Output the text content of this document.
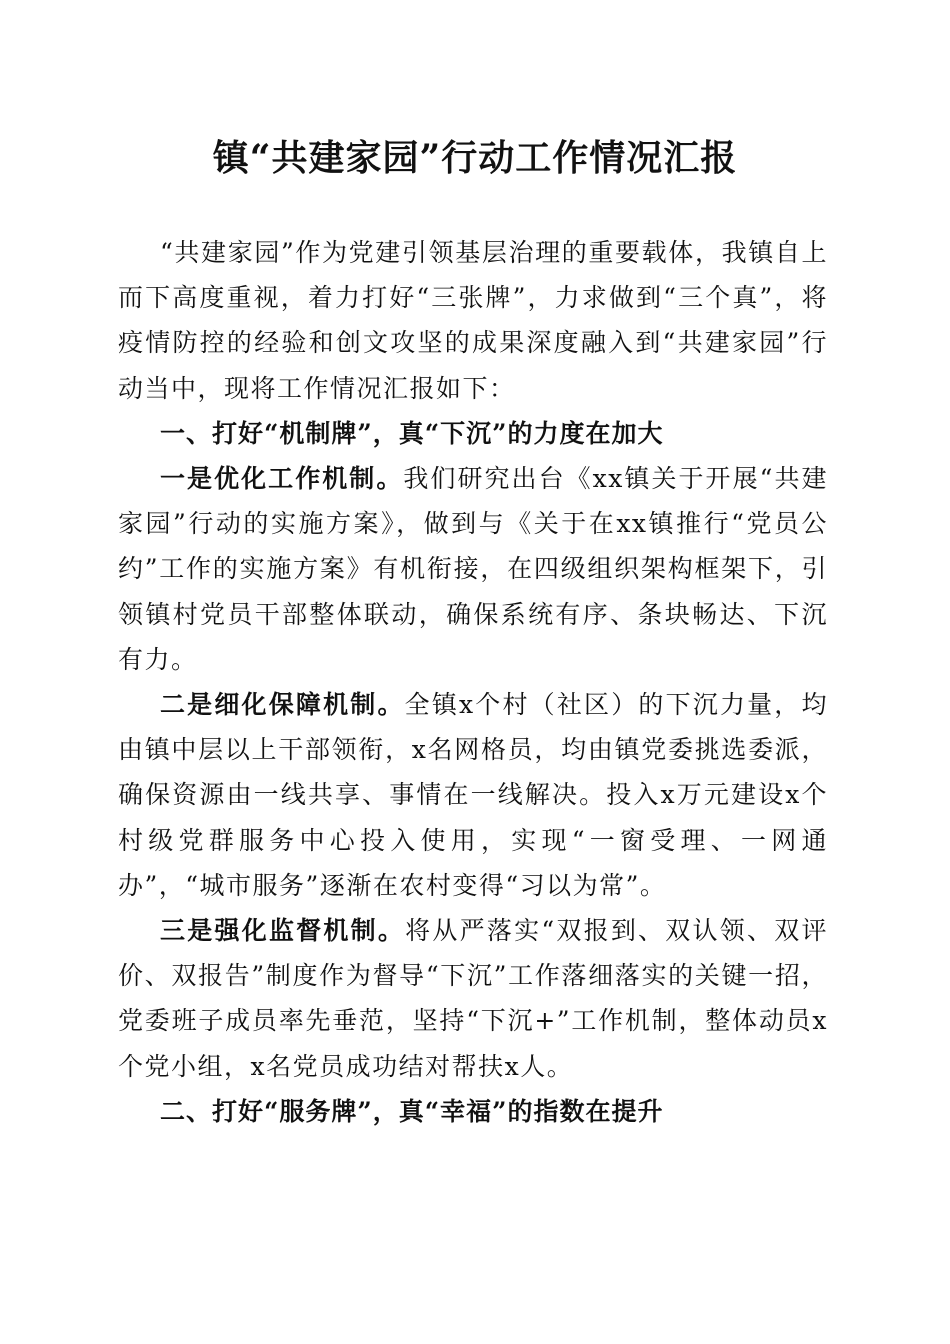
镇“共建家园”行动工作情况汇报

“共建家园”作为党建引领基层治理的重要载体，我镇自上而下高度重视，着力打好“三张牌”，力求做到“三个真”，将疫情防控的经验和创文攻坚的成果深度融入到“共建家园”行动当中，现将工作情况汇报如下：

一、打好“机制牌”，真“下沉”的力度在加大

一是优化工作机制。我们研究出台《xx镇关于开展“共建家园”行动的实施方案》，做到与《关于在xx镇推行“党员公约”工作的实施方案》有机衔接，在四级组织架构框架下，引领镇村党员干部整体联动，确保系统有序、条块畅达、下沉有力。

二是细化保障机制。全镇x个村（社区）的下沉力量，均由镇中层以上干部领衔，x名网格员，均由镇党委挑选委派，确保资源由一线共享、事情在一线解决。投入x万元建设x个村级党群服务中心投入使用，实现“一窗受理、一网通办”，“城市服务”逐渐在农村变得“习以为常”。

三是强化监督机制。将从严落实“双报到、双认领、双评价、双报告”制度作为督导“下沉”工作落细落实的关键一招，党委班子成员率先垂范，坚持“下沉+”工作机制，整体动员x个党小组，x名党员成功结对帮扶x人。

二、打好“服务牌”，真“幸福”的指数在提升
